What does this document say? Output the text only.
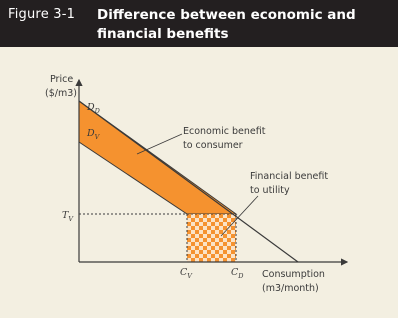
Figure 3-1 Difference between economic and
financial benefits
Price
($/m3)
Consumption
(m3/month)
$D_D$
$D_V$
$T_V$
$C_V$	$C_D$
Economic benefit
to consumer
Financial benefit
to utility
